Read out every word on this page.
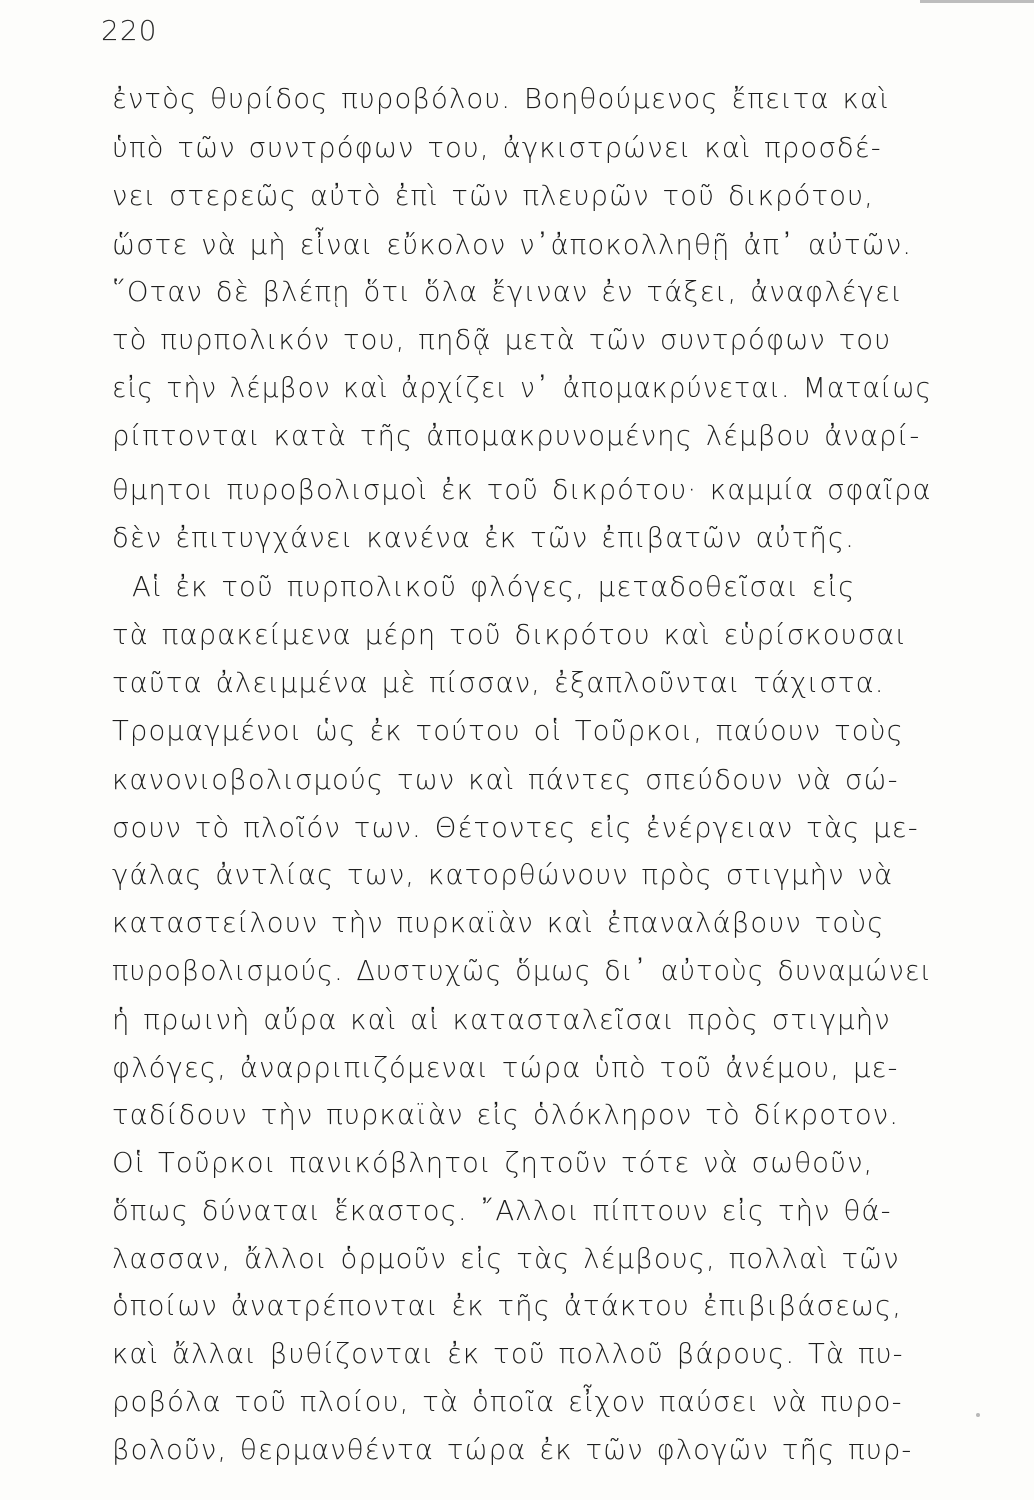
220
ἐντὸς θυρίδος πυροβόλου. Βοηθούμενος ἔπειτα καὶ
ὑπὸ τῶν συντρόφων του, ἀγκιστρώνει καὶ προσδέ-
νει στερεῶς αὐτὸ ἐπὶ τῶν πλευρῶν τοῦ δικρότου,
ὥστε νὰ μὴ εἶναι εὔκολον ν᾿ἀποκολληθῇ ἀπ᾿ αὐτῶν.
῞Οταν δὲ βλέπῃ ὅτι ὅλα ἔγιναν ἐν τάξει, ἀναφλέγει
τὸ πυρπολικόν του, πηδᾷ μετὰ τῶν συντρόφων του
εἰς τὴν λέμβον καὶ ἀρχίζει ν᾿ ἀπομακρύνεται. Ματαίως
ρίπτονται κατὰ τῆς ἀπομακρυνομένης λέμβου ἀναρί-
θμητοι πυροβολισμοὶ ἐκ τοῦ δικρότου· καμμία σφαῖρα
δὲν ἐπιτυγχάνει κανένα ἐκ τῶν ἐπιβατῶν αὐτῆς.
Αἱ ἐκ τοῦ πυρπολικοῦ φλόγες, μεταδοθεῖσαι εἰς
τὰ παρακείμενα μέρη τοῦ δικρότου καὶ εὑρίσκουσαι
ταῦτα ἀλειμμένα μὲ πίσσαν, ἐξαπλοῦνται τάχιστα.
Τρομαγμένοι ὡς ἐκ τούτου οἱ Τοῦρκοι, παύουν τοὺς
κανονιοβολισμούς των καὶ πάντες σπεύδουν νὰ σώ-
σουν τὸ πλοῖόν των. Θέτοντες εἰς ἐνέργειαν τὰς με-
γάλας ἀντλίας των, κατορθώνουν πρὸς στιγμὴν νὰ
καταστείλουν τὴν πυρκαϊὰν καὶ ἐπαναλάβουν τοὺς
πυροβολισμούς. Δυστυχῶς ὅμως δι᾿ αὐτοὺς δυναμώνει
ἡ πρωινὴ αὔρα καὶ αἱ κατασταλεῖσαι πρὸς στιγμὴν
φλόγες, ἀναρριπιζόμεναι τώρα ὑπὸ τοῦ ἀνέμου, με-
ταδίδουν τὴν πυρκαϊὰν εἰς ὁλόκληρον τὸ δίκροτον.
Οἱ Τοῦρκοι πανικόβλητοι ζητοῦν τότε νὰ σωθοῦν,
ὅπως δύναται ἕκαστος. ῎Αλλοι πίπτουν εἰς τὴν θά-
λασσαν, ἄλλοι ὁρμοῦν εἰς τὰς λέμβους, πολλαὶ τῶν
ὁποίων ἀνατρέπονται ἐκ τῆς ἀτάκτου ἐπιβιβάσεως,
καὶ ἄλλαι βυθίζονται ἐκ τοῦ πολλοῦ βάρους. Τὰ πυ-
ροβόλα τοῦ πλοίου, τὰ ὁποῖα εἶχον παύσει νὰ πυρο-
βολοῦν, θερμανθέντα τώρα ἐκ τῶν φλογῶν τῆς πυρ-
